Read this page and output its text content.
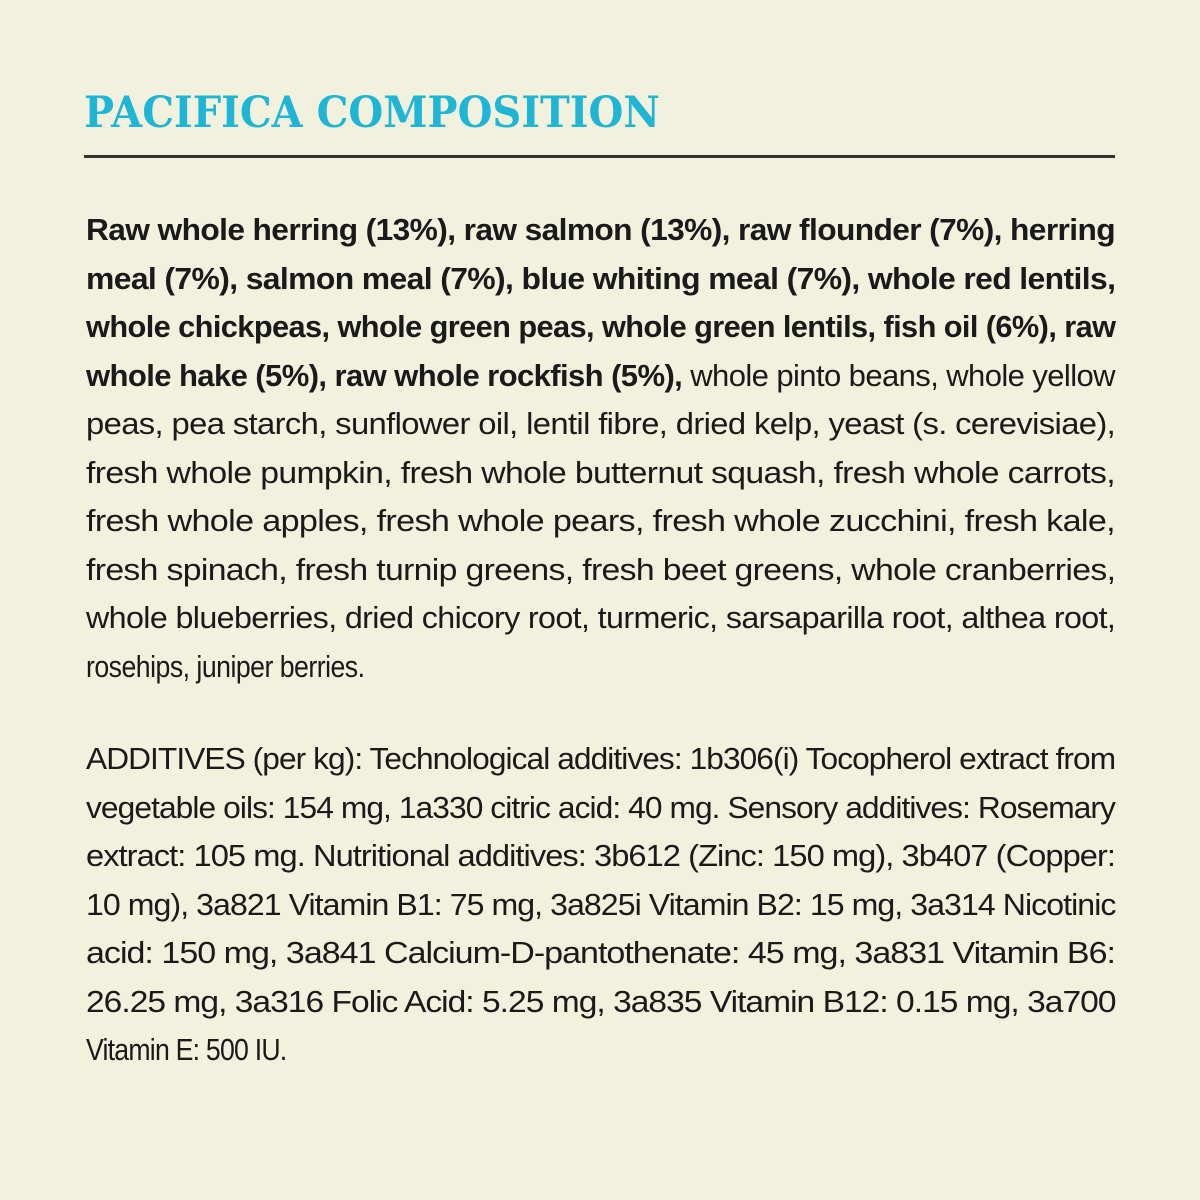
PACIFICA COMPOSITION
Raw whole herring (13%), raw salmon (13%), raw flounder (7%), herring
meal (7%), salmon meal (7%), blue whiting meal (7%), whole red lentils,
whole chickpeas, whole green peas, whole green lentils, fish oil (6%), raw
whole hake (5%), raw whole rockfish (5%), whole pinto beans, whole yellow
peas, pea starch, sunflower oil, lentil fibre, dried kelp, yeast (s. cerevisiae),
fresh whole pumpkin, fresh whole butternut squash, fresh whole carrots,
fresh whole apples, fresh whole pears, fresh whole zucchini, fresh kale,
fresh spinach, fresh turnip greens, fresh beet greens, whole cranberries,
whole blueberries, dried chicory root, turmeric, sarsaparilla root, althea root,
rosehips, juniper berries.
ADDITIVES (per kg): Technological additives: 1b306(i) Tocopherol extract from
vegetable oils: 154 mg, 1a330 citric acid: 40 mg. Sensory additives: Rosemary
extract: 105 mg. Nutritional additives: 3b612 (Zinc: 150 mg), 3b407 (Copper:
10 mg), 3a821 Vitamin B1: 75 mg, 3a825i Vitamin B2: 15 mg, 3a314 Nicotinic
acid: 150 mg, 3a841 Calcium-D-pantothenate: 45 mg, 3a831 Vitamin B6:
26.25 mg, 3a316 Folic Acid: 5.25 mg, 3a835 Vitamin B12: 0.15 mg, 3a700
Vitamin E: 500 IU.
